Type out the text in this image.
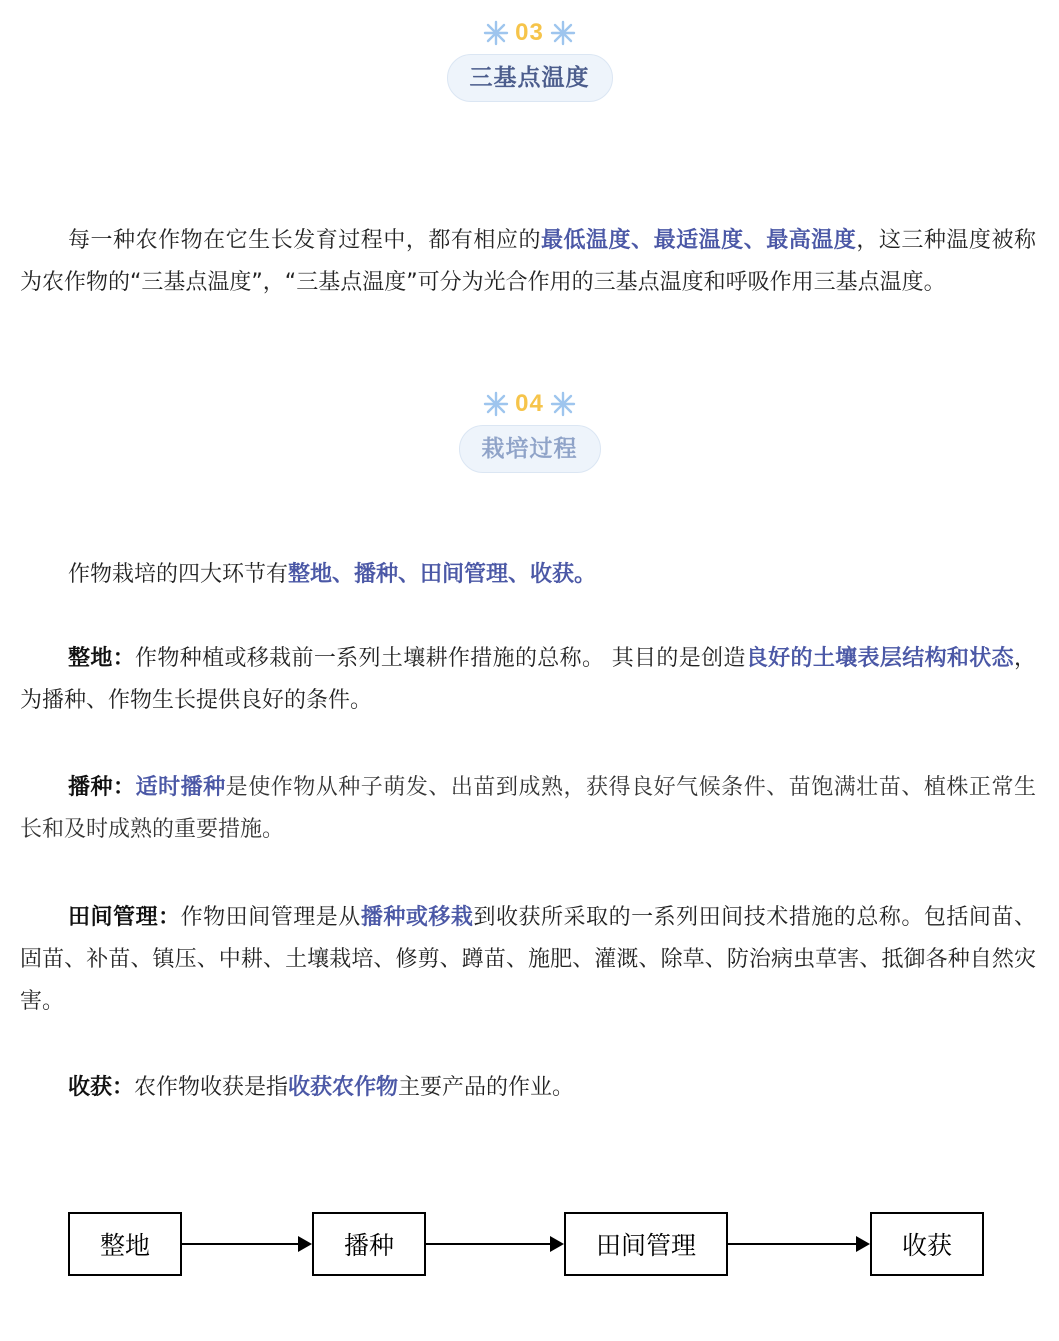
03
三基点温度

每一种农作物在它生长发育过程中，都有相应的最低温度、最适温度、最高温度，这三种温度被称为农作物的“三基点温度”，“三基点温度”可分为光合作用的三基点温度和呼吸作用三基点温度。

04
栽培过程

作物栽培的四大环节有整地、播种、田间管理、收获。

整地：作物种植或移栽前一系列土壤耕作措施的总称。 其目的是创造良好的土壤表层结构和状态，为播种、作物生长提供良好的条件。

播种：适时播种是使作物从种子萌发、出苗到成熟，获得良好气候条件、苗饱满壮苗、植株正常生长和及时成熟的重要措施。

田间管理：作物田间管理是从播种或移栽到收获所采取的一系列田间技术措施的总称。包括间苗、固苗、补苗、镇压、中耕、土壤栽培、修剪、蹲苗、施肥、灌溉、除草、防治病虫草害、抵御各种自然灾害。

收获：农作物收获是指收获农作物主要产品的作业。

整地	播种	田间管理	收获
